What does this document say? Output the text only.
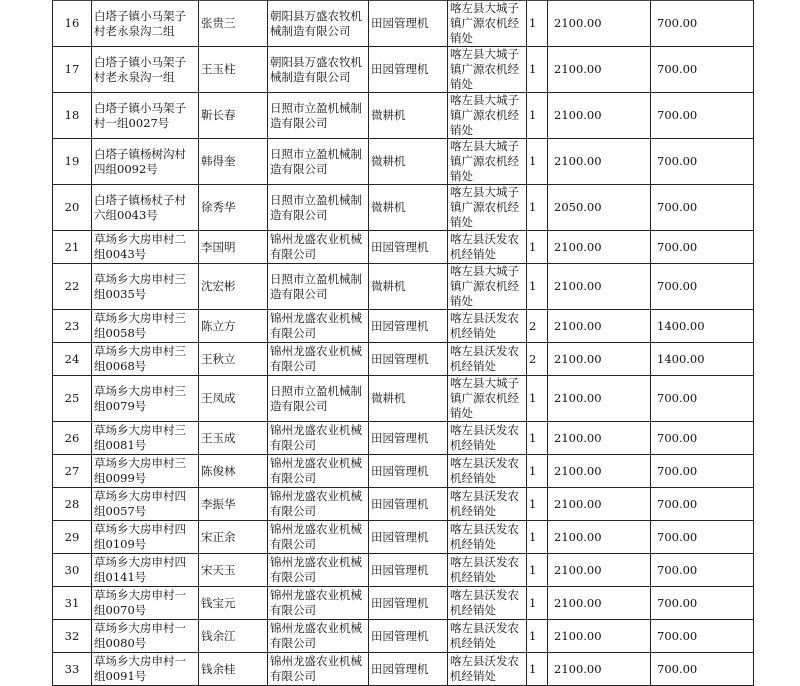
16	白塔子镇小马架子村老永泉沟二组	张贵三	朝阳县万盛农牧机械制造有限公司	田园管理机	喀左县大城子镇广源农机经销处	1	2100.00	700.00
17	白塔子镇小马架子村老永泉沟一组	王玉柱	朝阳县万盛农牧机械制造有限公司	田园管理机	喀左县大城子镇广源农机经销处	1	2100.00	700.00
18	白塔子镇小马架子村一组0027号	靳长春	日照市立盈机械制造有限公司	微耕机	喀左县大城子镇广源农机经销处	1	2100.00	700.00
19	白塔子镇杨树沟村四组0092号	韩得奎	日照市立盈机械制造有限公司	微耕机	喀左县大城子镇广源农机经销处	1	2100.00	700.00
20	白塔子镇杨杖子村六组0043号	徐秀华	日照市立盈机械制造有限公司	微耕机	喀左县大城子镇广源农机经销处	1	2050.00	700.00
21	草场乡大房申村二组0043号	李国明	锦州龙盛农业机械有限公司	田园管理机	喀左县沃发农机经销处	1	2100.00	700.00
22	草场乡大房申村三组0035号	沈宏彬	日照市立盈机械制造有限公司	微耕机	喀左县大城子镇广源农机经销处	1	2100.00	700.00
23	草场乡大房申村三组0058号	陈立方	锦州龙盛农业机械有限公司	田园管理机	喀左县沃发农机经销处	2	2100.00	1400.00
24	草场乡大房申村三组0068号	王秋立	锦州龙盛农业机械有限公司	田园管理机	喀左县沃发农机经销处	2	2100.00	1400.00
25	草场乡大房申村三组0079号	王凤成	日照市立盈机械制造有限公司	微耕机	喀左县大城子镇广源农机经销处	1	2100.00	700.00
26	草场乡大房申村三组0081号	王玉成	锦州龙盛农业机械有限公司	田园管理机	喀左县沃发农机经销处	1	2100.00	700.00
27	草场乡大房申村三组0099号	陈俊林	锦州龙盛农业机械有限公司	田园管理机	喀左县沃发农机经销处	1	2100.00	700.00
28	草场乡大房申村四组0057号	李振华	锦州龙盛农业机械有限公司	田园管理机	喀左县沃发农机经销处	1	2100.00	700.00
29	草场乡大房申村四组0109号	宋正余	锦州龙盛农业机械有限公司	田园管理机	喀左县沃发农机经销处	1	2100.00	700.00
30	草场乡大房申村四组0141号	宋天玉	锦州龙盛农业机械有限公司	田园管理机	喀左县沃发农机经销处	1	2100.00	700.00
31	草场乡大房申村一组0070号	钱宝元	锦州龙盛农业机械有限公司	田园管理机	喀左县沃发农机经销处	1	2100.00	700.00
32	草场乡大房申村一组0080号	钱余江	锦州龙盛农业机械有限公司	田园管理机	喀左县沃发农机经销处	1	2100.00	700.00
33	草场乡大房申村一组0091号	钱余桂	锦州龙盛农业机械有限公司	田园管理机	喀左县沃发农机经销处	1	2100.00	700.00
